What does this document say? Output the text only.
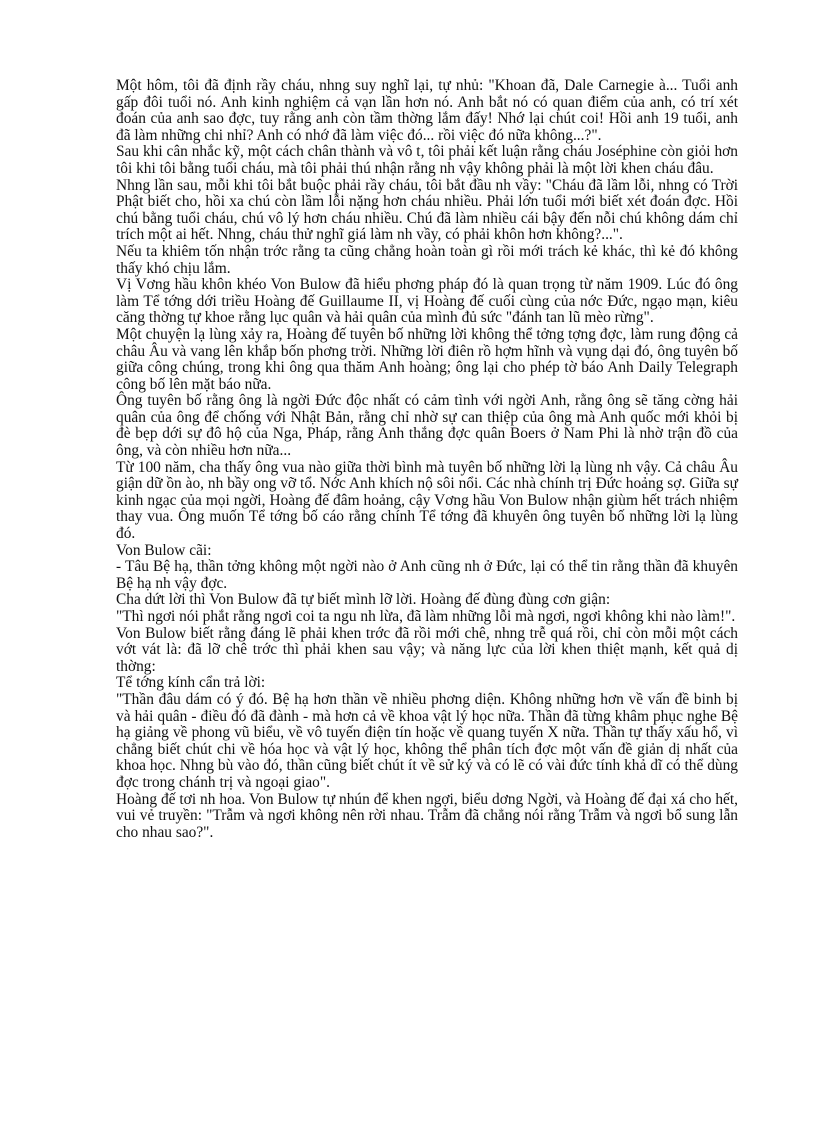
Một hôm, tôi đã định rầy cháu, nhng suy nghĩ lại, tự nhủ: "Khoan đã, Dale Carnegie à... Tuổi anh gấp đôi tuổi nó. Anh kinh nghiệm cả vạn lần hơn nó. Anh bắt nó có quan điểm của anh, có trí xét đoán của anh sao đợc, tuy rằng anh còn tầm thờng lắm đấy! Nhớ lại chút coi! Hồi anh 19 tuổi, anh đã làm những chi nhỉ? Anh có nhớ đã làm việc đó... rồi việc đó nữa không...?".

Sau khi cân nhắc kỹ, một cách chân thành và vô t, tôi phải kết luận rằng cháu Joséphine còn giỏi hơn tôi khi tôi bằng tuổi cháu, mà tôi phải thú nhận rằng nh vậy không phải là một lời khen cháu đâu.

Nhng lần sau, mỗi khi tôi bắt buộc phải rầy cháu, tôi bắt đầu nh vầy: "Cháu đã lầm lỗi, nhng có Trời Phật biết cho, hồi xa chú còn lầm lỗi nặng hơn cháu nhiều. Phải lớn tuổi mới biết xét đoán đợc. Hồi chú bằng tuổi cháu, chú vô lý hơn cháu nhiều. Chú đã làm nhiều cái bậy đến nỗi chú không dám chỉ trích một ai hết. Nhng, cháu thử nghĩ giá làm nh vầy, có phải khôn hơn không?...".

Nếu ta khiêm tốn nhận trớc rằng ta cũng chẳng hoàn toàn gì rồi mới trách kẻ khác, thì kẻ đó không thấy khó chịu lắm.

Vị Vơng hầu khôn khéo Von Bulow đã hiểu phơng pháp đó là quan trọng từ năm 1909. Lúc đó ông làm Tể tớng dới triều Hoàng đế Guillaume II, vị Hoàng đế cuối cùng của nớc Đức, ngạo mạn, kiêu căng thờng tự khoe rằng lục quân và hải quân của mình đủ sức "đánh tan lũ mèo rừng".

Một chuyện lạ lùng xảy ra, Hoàng đế tuyên bố những lời không thể tởng tợng đợc, làm rung động cả châu Âu và vang lên khắp bốn phơng trời. Những lời điên rồ hợm hĩnh và vụng dại đó, ông tuyên bố giữa công chúng, trong khi ông qua thăm Anh hoàng; ông lại cho phép tờ báo Anh Daily Telegraph công bố lên mặt báo nữa.

Ông tuyên bố rằng ông là ngời Đức độc nhất có cảm tình với ngời Anh, rằng ông sẽ tăng cờng hải quân của ông để chống với Nhật Bản, rằng chỉ nhờ sự can thiệp của ông mà Anh quốc mới khỏi bị đè bẹp dới sự đô hộ của Nga, Pháp, rằng Anh thắng đợc quân Boers ở Nam Phi là nhờ trận đồ của ông, và còn nhiều hơn nữa...

Từ 100 năm, cha thấy ông vua nào giữa thời bình mà tuyên bố những lời lạ lùng nh vậy. Cả châu Âu giận dữ ồn ào, nh bầy ong vỡ tổ. Nớc Anh khích nộ sôi nổi. Các nhà chính trị Đức hoảng sợ. Giữa sự kinh ngạc của mọi ngời, Hoàng đế đâm hoảng, cậy Vơng hầu Von Bulow nhận giùm hết trách nhiệm thay vua. Ông muốn Tể tớng bố cáo rằng chính Tể tớng đã khuyên ông tuyên bố những lời lạ lùng đó.

Von Bulow cãi:

- Tâu Bệ hạ, thần tởng không một ngời nào ở Anh cũng nh ở Đức, lại có thể tin rằng thần đã khuyên Bệ hạ nh vậy đợc.

Cha dứt lời thì Von Bulow đã tự biết mình lỡ lời. Hoàng đế đùng đùng cơn giận:

"Thì ngơi nói phắt rằng ngơi coi ta ngu nh lừa, đã làm những lỗi mà ngơi, ngơi không khi nào làm!".

Von Bulow biết rằng đáng lẽ phải khen trớc đã rồi mới chê, nhng trễ quá rồi, chỉ còn mỗi một cách vớt vát là: đã lỡ chê trớc thì phải khen sau vậy; và năng lực của lời khen thiệt mạnh, kết quả dị thờng:

Tể tớng kính cẩn trả lời:

"Thần đâu dám có ý đó. Bệ hạ hơn thần về nhiều phơng diện. Không những hơn về vấn đề binh bị và hải quân - điều đó đã đành - mà hơn cả về khoa vật lý học nữa. Thần đã từng khâm phục nghe Bệ hạ giảng về phong vũ biểu, về vô tuyến điện tín hoặc về quang tuyến X nữa. Thần tự thấy xấu hổ, vì chẳng biết chút chi về hóa học và vật lý học, không thể phân tích đợc một vấn đề giản dị nhất của khoa học. Nhng bù vào đó, thần cũng biết chút ít về sử ký và có lẽ có vài đức tính khả dĩ có thể dùng đợc trong chánh trị và ngoại giao".

Hoàng đế tơi nh hoa. Von Bulow tự nhún để khen ngợi, biểu dơng Ngời, và Hoàng đế đại xá cho hết, vui vẻ truyền: "Trẫm và ngơi không nên rời nhau. Trẫm đã chẳng nói rằng Trẫm và ngơi bổ sung lẫn cho nhau sao?".
